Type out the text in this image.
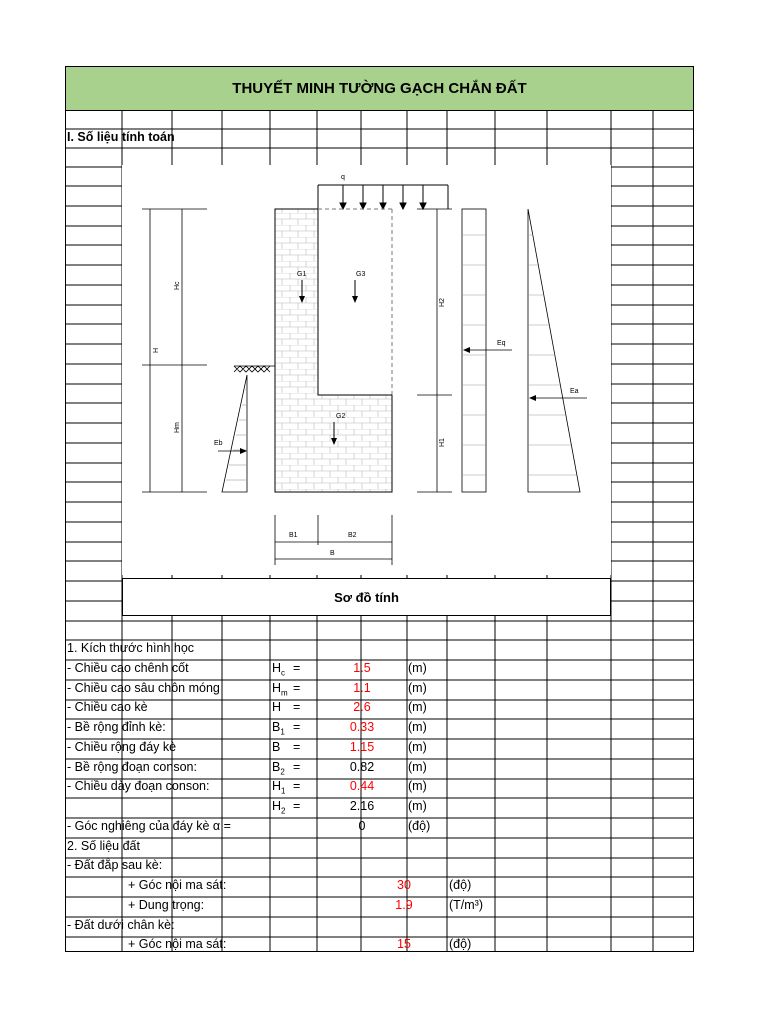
THUYẾT MINH TƯỜNG GẠCH CHẮN ĐẤT
I. Số liệu tính toán
q
G1	G3
G2
Hc
H
Hm
Eb
H2
H1
Eq
Ea
B1	B2
B
Sơ đồ tính
1. Kích thước hình học
- Chiều cao chênh cốt	$H_c$ =	1.5	(m)
- Chiều cao sâu chôn móng	$H_m$ =	1.1	(m)
- Chiều cao kè	H =	2.6	(m)
- Bề rộng đỉnh kè:	$B_1$ =	0.33	(m)
- Chiều rộng đáy kè	B =	1.15	(m)
- Bề rộng đoạn conson:	$B_2$ =	0.82	(m)
- Chiều dày đoạn conson:	$H_1$ =	0.44	(m)
$H_2$ =	2.16	(m)
- Góc nghiêng của đáy kè α =	0	(độ)
2. Số liệu đất
- Đất đắp sau kè:
+ Góc nội ma sát:	30	(độ)
+ Dung trọng:	1.9	(T/m³)
- Đất dưới chân kè:
+ Góc nội ma sát:	15	(độ)
